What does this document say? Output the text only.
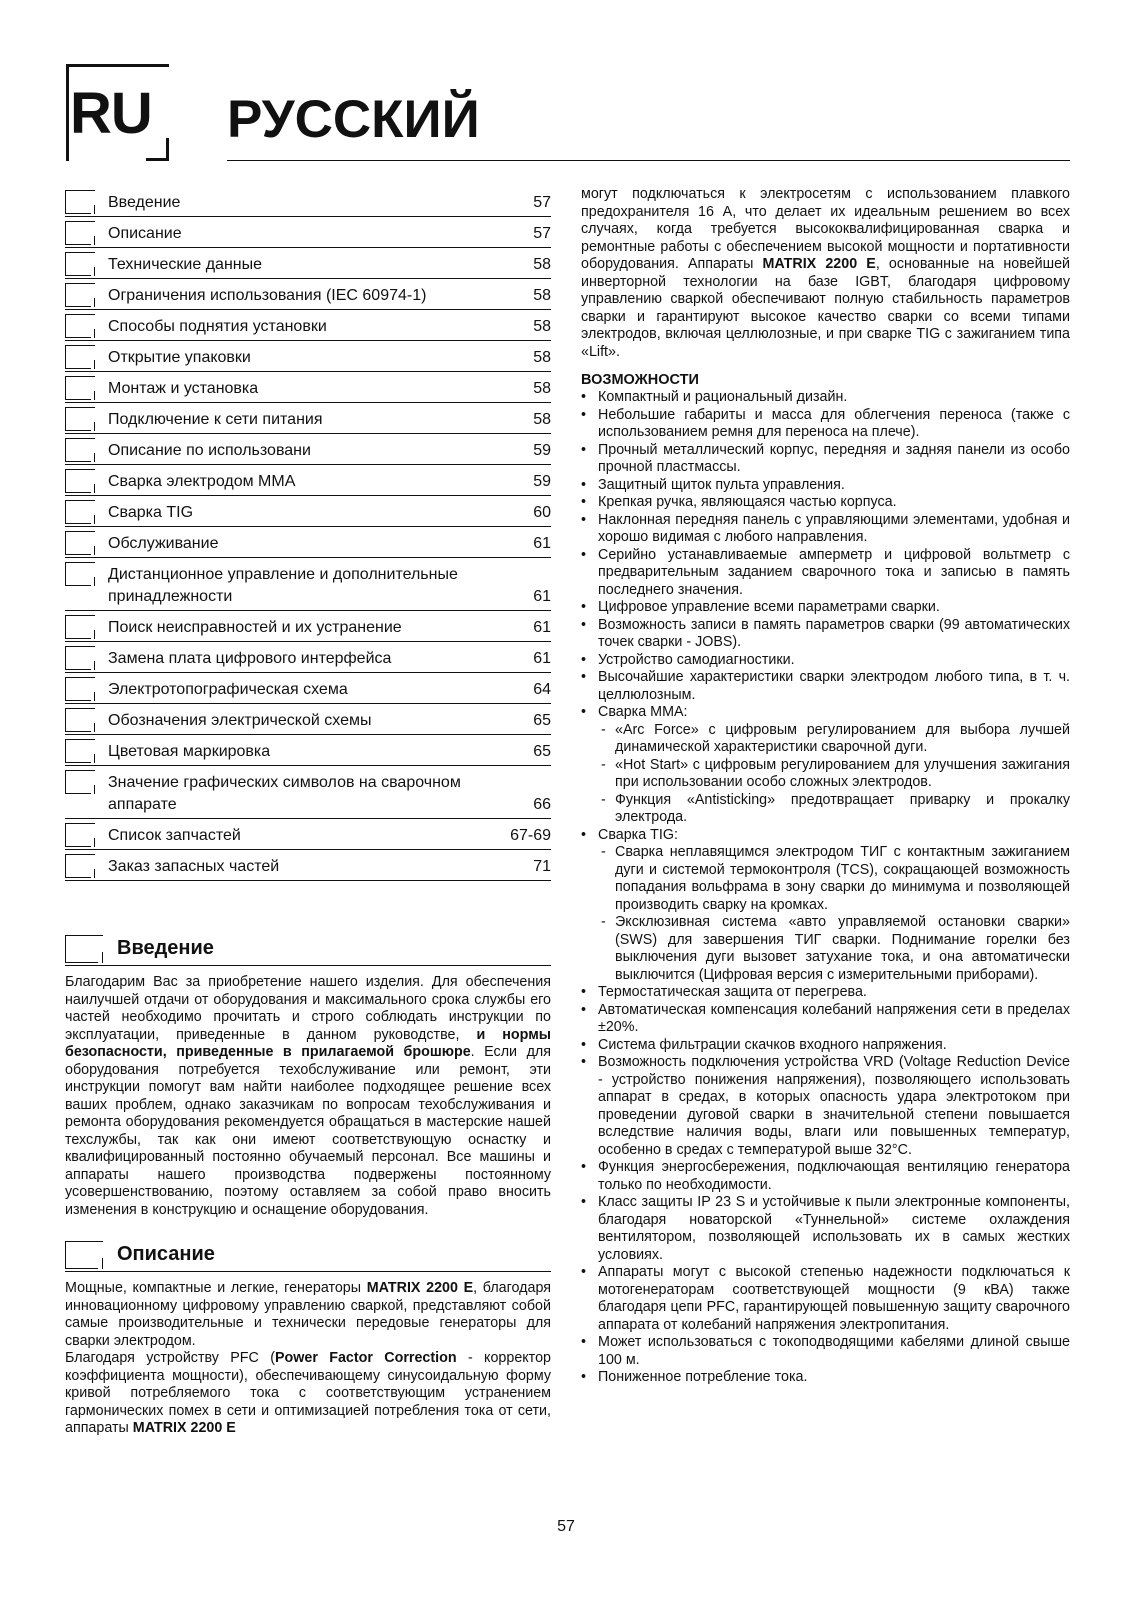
RU РУССКИЙ
Введение	57
Описание	57
Технические данные	58
Ограничения использования (IEC 60974-1)	58
Способы поднятия установки	58
Открытие упаковки	58
Монтаж и установка	58
Подключение к сети питания	58
Описание по использовани	59
Сварка электродом MMA	59
Сварка TIG	60
Обслуживание	61
Дистанционное управление и дополнительные принадлежности	61
Поиск неисправностей и их устранение	61
Замена плата цифрового интерфейса	61
Электротопографическая схема	64
Обозначения электрической схемы	65
Цветовая маркировка	65
Значение графических символов на сварочном аппарате	66
Список запчастей	67-69
Заказ запасных частей	71
Введение

Благодарим Вас за приобретение нашего изделия. Для обеспечения наилучшей отдачи от оборудования и максимального срока службы его частей необходимо прочитать и строго соблюдать инструкции по эксплуатации, приведенные в данном руководстве, и нормы безопасности, приведенные в прилагаемой брошюре. Если для оборудования потребуется техобслуживание или ремонт, эти инструкции помогут вам найти наиболее подходящее решение всех ваших проблем, однако заказчикам по вопросам техобслуживания и ремонта оборудования рекомендуется обращаться в мастерские нашей техслужбы, так как они имеют соответствующую оснастку и квалифицированный постоянно обучаемый персонал. Все машины и аппараты нашего производства подвержены постоянному усовершенствованию, поэтому оставляем за собой право вносить изменения в конструкцию и оснащение оборудования.

Описание

Мощные, компактные и легкие, генераторы MATRIX 2200 E, благодаря инновационному цифровому управлению сваркой, представляют собой самые производительные и технически передовые генераторы для сварки электродом.

Благодаря устройству PFC (Power Factor Correction - корректор коэффициента мощности), обеспечивающему синусоидальную форму кривой потребляемого тока с соответствующим устранением гармонических помех в сети и оптимизацией потребления тока от сети, аппараты MATRIX 2200 E

могут подключаться к электросетям с использованием плавкого предохранителя 16 A, что делает их идеальным решением во всех случаях, когда требуется высококвалифицированная сварка и ремонтные работы с обеспечением высокой мощности и портативности оборудования. Аппараты MATRIX 2200 E, основанные на новейшей инверторной технологии на базе IGBT, благодаря цифровому управлению сваркой обеспечивают полную стабильность параметров сварки и гарантируют высокое качество сварки со всеми типами электродов, включая целлюлозные, и при сварке TIG с зажиганием типа «Lift».

ВОЗМОЖНОСТИ
• Компактный и рациональный дизайн.
• Небольшие габариты и масса для облегчения переноса (также с использованием ремня для переноса на плече).
• Прочный металлический корпус, передняя и задняя панели из особо прочной пластмассы.
• Защитный щиток пульта управления.
• Крепкая ручка, являющаяся частью корпуса.
• Наклонная передняя панель с управляющими элементами, удобная и хорошо видимая с любого направления.
• Серийно устанавливаемые амперметр и цифровой вольтметр с предварительным заданием сварочного тока и записью в память последнего значения.
• Цифровое управление всеми параметрами сварки.
• Возможность записи в память параметров сварки (99 автоматических точек сварки - JOBS).
• Устройство самодиагностики.
• Высочайшие характеристики сварки электродом любого типа, в т. ч. целлюлозным.
• Сварка MMA:
- «Arc Force» с цифровым регулированием для выбора лучшей динамической характеристики сварочной дуги.
- «Hot Start» с цифровым регулированием для улучшения зажигания при использовании особо сложных электродов.
- Функция «Antisticking» предотвращает приварку и прокалку электрода.
• Сварка TIG:
- Сварка неплавящимся электродом ТИГ с контактным зажиганием дуги и системой термоконтроля (TCS), сокращающей возможность попадания вольфрама в зону сварки до минимума и позволяющей производить сварку на кромках.
- Эксклюзивная система «авто управляемой остановки сварки» (SWS) для завершения ТИГ сварки. Поднимание горелки без выключения дуги вызовет затухание тока, и она автоматически выключится (Цифровая версия с измерительными приборами).
• Термостатическая защита от перегрева.
• Автоматическая компенсация колебаний напряжения сети в пределах ±20%.
• Система фильтрации скачков входного напряжения.
• Возможность подключения устройства VRD (Voltage Reduction Device - устройство понижения напряжения), позволяющего использовать аппарат в средах, в которых опасность удара электротоком при проведении дуговой сварки в значительной степени повышается вследствие наличия воды, влаги или повышенных температур, особенно в средах с температурой выше 32°C.
• Функция энергосбережения, подключающая вентиляцию генератора только по необходимости.
• Класс защиты IP 23 S и устойчивые к пыли электронные компоненты, благодаря новаторской «Туннельной» системе охлаждения вентилятором, позволяющей использовать их в самых жестких условиях.
• Аппараты могут с высокой степенью надежности подключаться к мотогенераторам соответствующей мощности (9 кВА) также благодаря цепи PFC, гарантирующей повышенную защиту сварочного аппарата от колебаний напряжения электропитания.
• Может использоваться с токоподводящими кабелями длиной свыше 100 м.
• Пониженное потребление тока.
57
